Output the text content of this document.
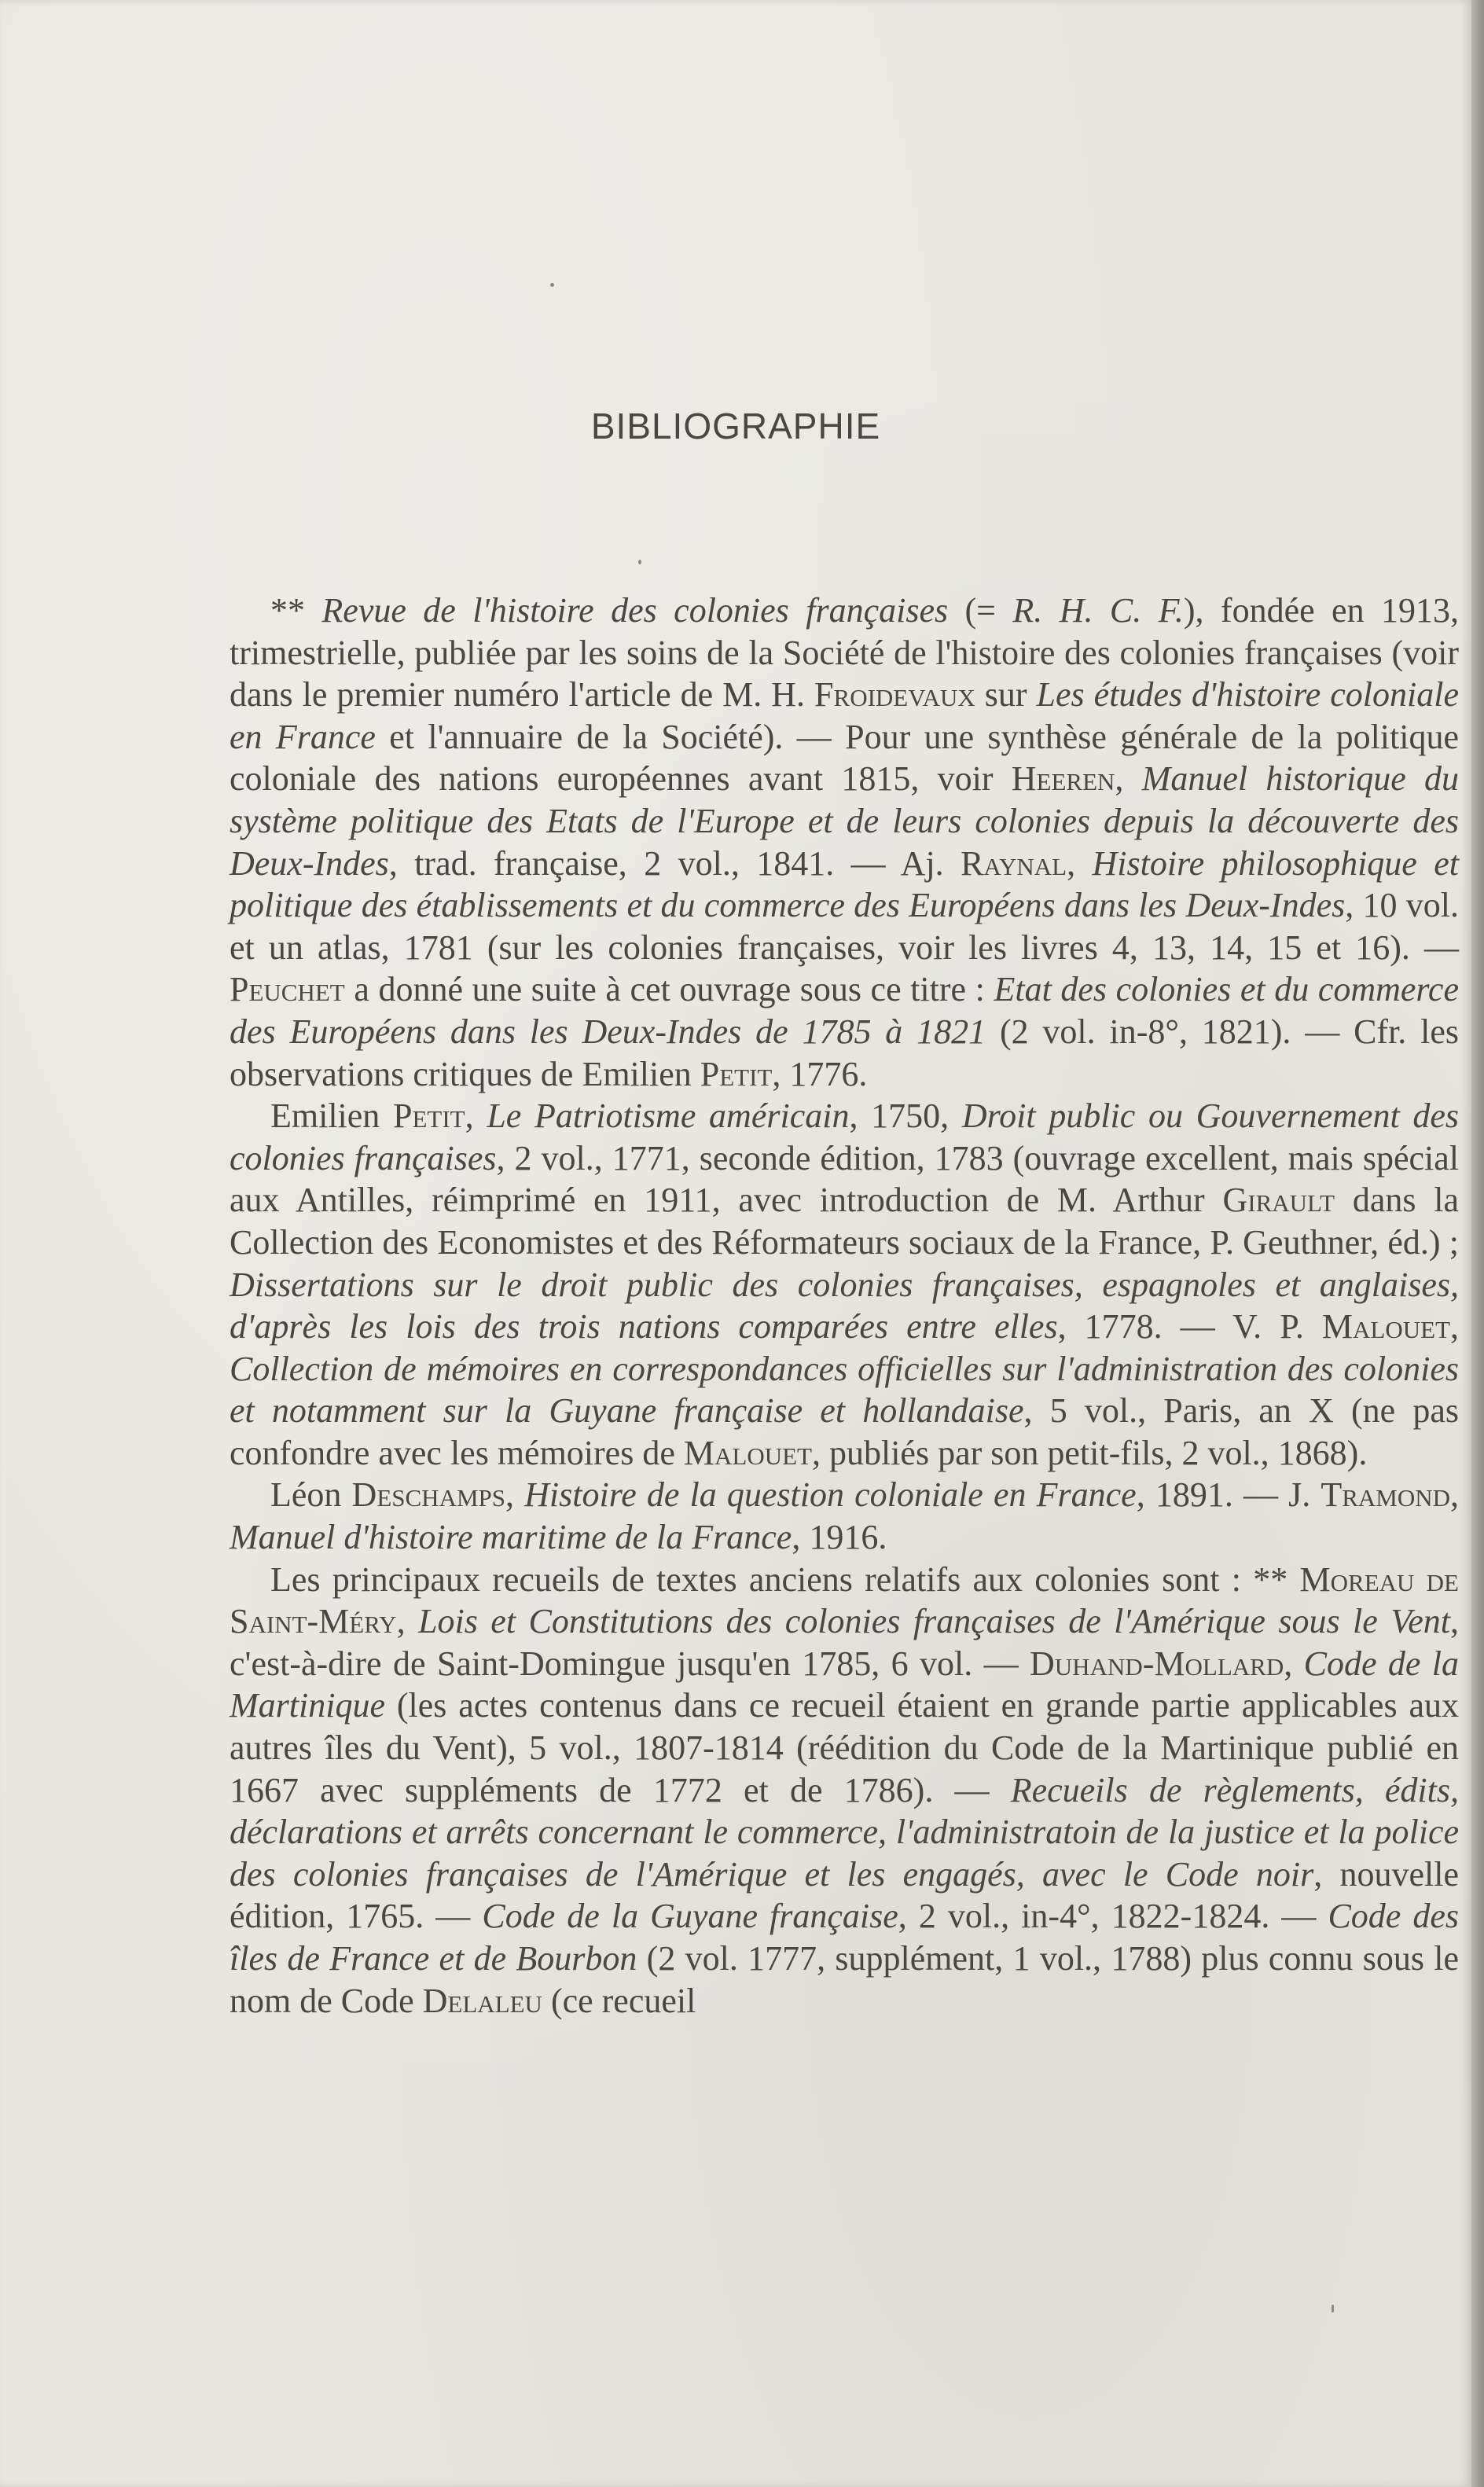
BIBLIOGRAPHIE

** Revue de l'histoire des colonies françaises (= R. H. C. F.), fondée en 1913, trimestrielle, publiée par les soins de la Société de l'histoire des colonies françaises (voir dans le premier numéro l'article de M. H. Froidevaux sur Les études d'histoire coloniale en France et l'annuaire de la Société). — Pour une synthèse générale de la politique coloniale des nations européennes avant 1815, voir Heeren, Manuel historique du système politique des Etats de l'Europe et de leurs colonies depuis la découverte des Deux-Indes, trad. française, 2 vol., 1841. — Aj. Raynal, Histoire philosophique et politique des établissements et du commerce des Européens dans les Deux-Indes, 10 vol. et un atlas, 1781 (sur les colonies françaises, voir les livres 4, 13, 14, 15 et 16). — Peuchet a donné une suite à cet ouvrage sous ce titre : Etat des colonies et du commerce des Européens dans les Deux-Indes de 1785 à 1821 (2 vol. in-8°, 1821). — Cfr. les observations critiques de Emilien Petit, 1776.

Emilien Petit, Le Patriotisme américain, 1750, Droit public ou Gouvernement des colonies françaises, 2 vol., 1771, seconde édition, 1783 (ouvrage excellent, mais spécial aux Antilles, réimprimé en 1911, avec introduction de M. Arthur Girault dans la Collection des Economistes et des Réformateurs sociaux de la France, P. Geuthner, éd.) ; Dissertations sur le droit public des colonies françaises, espagnoles et anglaises, d'après les lois des trois nations comparées entre elles, 1778. — V. P. Malouet, Collection de mémoires en correspondances officielles sur l'administration des colonies et notamment sur la Guyane française et hollandaise, 5 vol., Paris, an X (ne pas confondre avec les mémoires de Malouet, publiés par son petit-fils, 2 vol., 1868).

Léon Deschamps, Histoire de la question coloniale en France, 1891. — J. Tramond, Manuel d'histoire maritime de la France, 1916.

Les principaux recueils de textes anciens relatifs aux colonies sont : ** Moreau de Saint-Méry, Lois et Constitutions des colonies françaises de l'Amérique sous le Vent, c'est-à-dire de Saint-Domingue jusqu'en 1785, 6 vol. — Duhand-Mollard, Code de la Martinique (les actes contenus dans ce recueil étaient en grande partie applicables aux autres îles du Vent), 5 vol., 1807-1814 (réédition du Code de la Martinique publié en 1667 avec suppléments de 1772 et de 1786). — Recueils de règlements, édits, déclarations et arrêts concernant le commerce, l'administratoin de la justice et la police des colonies françaises de l'Amérique et les engagés, avec le Code noir, nouvelle édition, 1765. — Code de la Guyane française, 2 vol., in-4°, 1822-1824. — Code des îles de France et de Bourbon (2 vol. 1777, supplément, 1 vol., 1788) plus connu sous le nom de Code Delaleu (ce recueil
